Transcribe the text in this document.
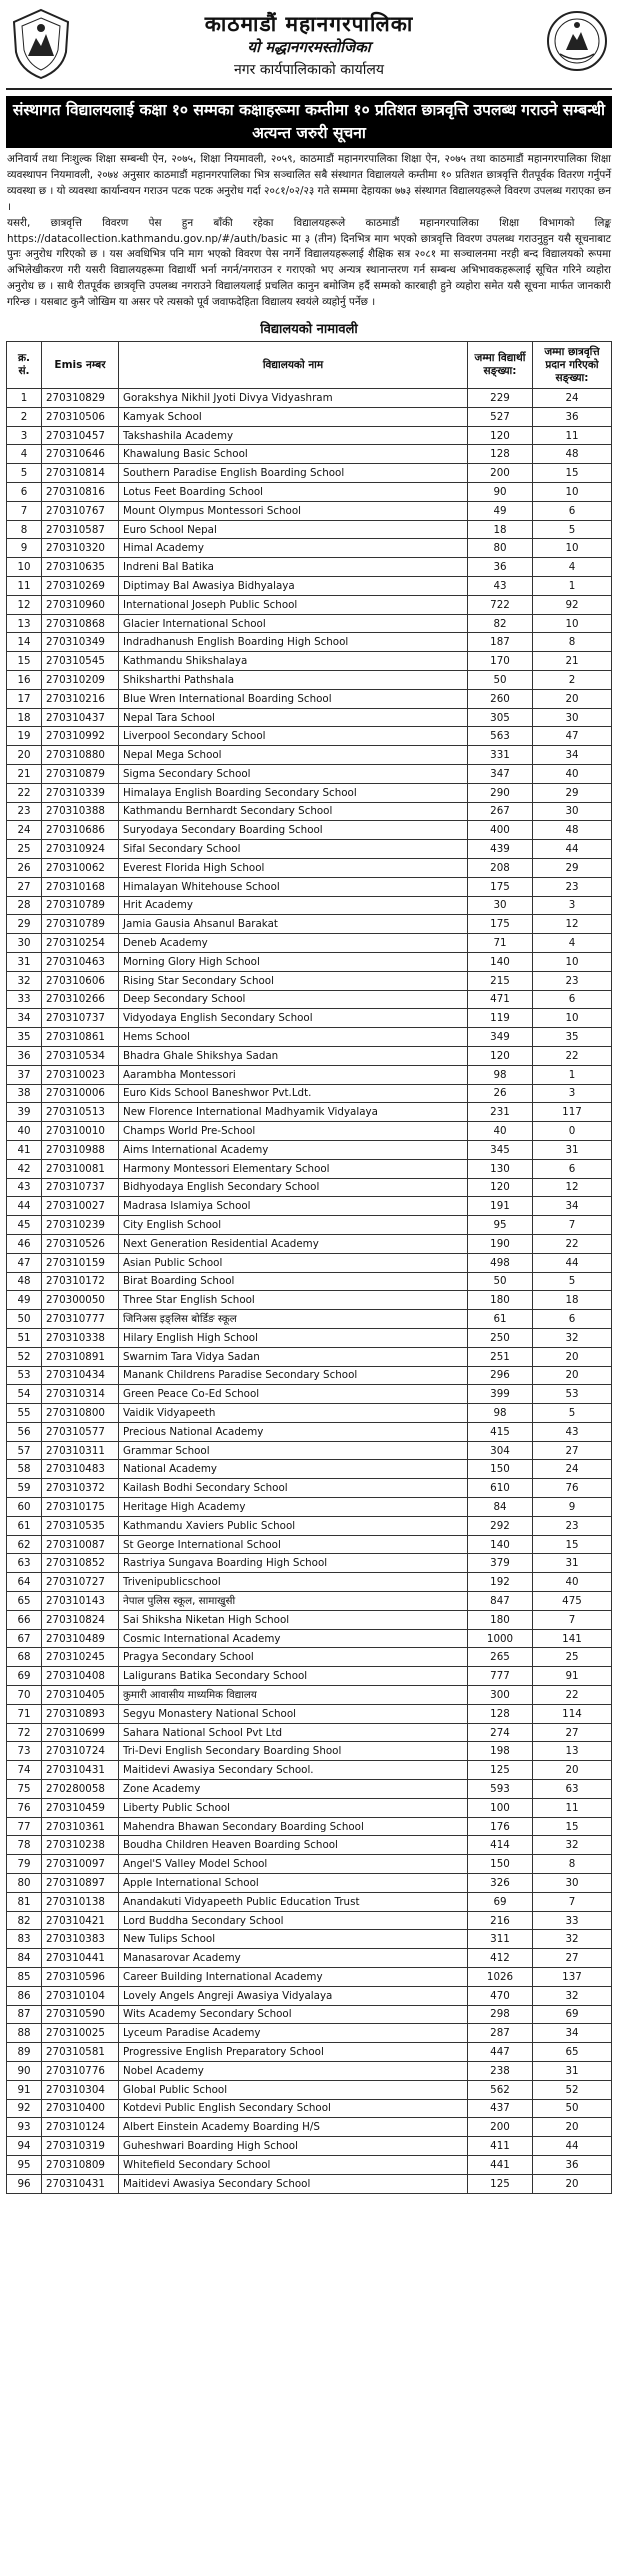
काठमाडौं महानगरपालिका
यो मद्धानगरमस्तोजिका
नगर कार्यपालिकाको कार्यालय
संस्थागत विद्यालयलाई कक्षा १० सम्मका कक्षाहरूमा कम्तीमा १० प्रतिशत छात्रवृत्ति उपलब्ध गराउने सम्बन्धी अत्यन्त जरुरी सूचना

अनिवार्य तथा निःशुल्क शिक्षा सम्बन्धी ऐन, २०७५, शिक्षा नियमावली, २०५९, काठमाडौं महानगरपालिका शिक्षा ऐन, २०७५ तथा काठमाडौं महानगरपालिका शिक्षा व्यवस्थापन नियमावली, २०७४ अनुसार काठमाडौं महानगरपालिका भित्र सञ्चालित सबै संस्थागत विद्यालयले कम्तीमा १० प्रतिशत छात्रवृत्ति रीतपूर्वक वितरण गर्नुपर्ने व्यवस्था छ । यो व्यवस्था कार्यान्वयन गराउन पटक पटक अनुरोध गर्दा २०८१/०२/२३ गते सम्ममा देहायका ७७३ संस्थागत विद्यालयहरूले विवरण उपलब्ध गराएका छन ।

यसरी, छात्रवृत्ति विवरण पेस हुन बाँकी रहेका विद्यालयहरूले काठमाडौं महानगरपालिका शिक्षा विभागको लिङ्क https://datacollection.kathmandu.gov.np/#/auth/basic मा ३ (तीन) दिनभित्र माग भएको छात्रवृत्ति विवरण उपलब्ध गराउनुहुन यसै सूचनाबाट पुनः अनुरोध गरिएको छ । यस अवधिभित्र पनि माग भएको विवरण पेस नगर्ने विद्यालयहरूलाई शैक्षिक सत्र २०८१ मा सञ्चालनमा नरही बन्द विद्यालयको रूपमा अभिलेखीकरण गरी यसरी विद्यालयहरूमा विद्यार्थी भर्ना नगर्न/नगराउन र गराएको भए अन्यत्र स्थानान्तरण गर्न सम्बन्ध अभिभावकहरूलाई सूचित गरिने व्यहोरा अनुरोध छ । साथै रीतपूर्वक छात्रवृत्ति उपलब्ध नगराउने विद्यालयलाई प्रचलित कानुन बमोजिम हर्दै सम्मको कारबाही हुने व्यहोरा समेत यसै सूचना मार्फत जानकारी गरिन्छ । यसबाट कुनै जोखिम या असर परे त्यसको पूर्व जवाफदेहिता विद्यालय स्वयंले व्यहोर्नु पर्नेछ ।

विद्यालयको नामावली
क्र. सं.	Emis नम्बर	विद्यालयको नाम	जम्मा विद्यार्थी सङ्ख्या:	जम्मा छात्रवृत्ति प्रदान गरिएको सङ्ख्या:
1	270310829	Gorakshya Nikhil Jyoti Divya Vidyashram	229	24
2	270310506	Kamyak School	527	36
3	270310457	Takshashila Academy	120	11
4	270310646	Khawalung Basic School	128	48
5	270310814	Southern Paradise English Boarding School	200	15
6	270310816	Lotus Feet Boarding School	90	10
7	270310767	Mount Olympus Montessori School	49	6
8	270310587	Euro School Nepal	18	5
9	270310320	Himal Academy	80	10
10	270310635	Indreni Bal Batika	36	4
11	270310269	Diptimay Bal Awasiya Bidhyalaya	43	1
12	270310960	International Joseph Public School	722	92
13	270310868	Glacier International School	82	10
14	270310349	Indradhanush English Boarding High School	187	8
15	270310545	Kathmandu Shikshalaya	170	21
16	270310209	Shiksharthi Pathshala	50	2
17	270310216	Blue Wren International Boarding School	260	20
18	270310437	Nepal Tara School	305	30
19	270310992	Liverpool Secondary School	563	47
20	270310880	Nepal Mega School	331	34
21	270310879	Sigma Secondary School	347	40
22	270310339	Himalaya English Boarding Secondary School	290	29
23	270310388	Kathmandu Bernhardt Secondary School	267	30
24	270310686	Suryodaya Secondary Boarding School	400	48
25	270310924	Sifal Secondary School	439	44
26	270310062	Everest Florida High School	208	29
27	270310168	Himalayan Whitehouse School	175	23
28	270310789	Hrit Academy	30	3
29	270310789	Jamia Gausia Ahsanul Barakat	175	12
30	270310254	Deneb Academy	71	4
31	270310463	Morning Glory High School	140	10
32	270310606	Rising Star Secondary School	215	23
33	270310266	Deep Secondary School	471	6
34	270310737	Vidyodaya English Secondary School	119	10
35	270310861	Hems School	349	35
36	270310534	Bhadra Ghale Shikshya Sadan	120	22
37	270310023	Aarambha Montessori	98	1
38	270310006	Euro Kids School Baneshwor Pvt.Ldt.	26	3
39	270310513	New Florence International Madhyamik Vidyalaya	231	117
40	270310010	Champs World Pre-School	40	0
41	270310988	Aims International Academy	345	31
42	270310081	Harmony Montessori Elementary School	130	6
43	270310737	Bidhyodaya English Secondary School	120	12
44	270310027	Madrasa Islamiya School	191	34
45	270310239	City English School	95	7
46	270310526	Next Generation Residential Academy	190	22
47	270310159	Asian Public School	498	44
48	270310172	Birat Boarding School	50	5
49	270300050	Three Star English School	180	18
50	270310777	जिनिअस इङ्लिस बोर्डिङ स्कूल	61	6
51	270310338	Hilary English High School	250	32
52	270310891	Swarnim Tara Vidya Sadan	251	20
53	270310434	Manank Childrens Paradise Secondary School	296	20
54	270310314	Green Peace Co-Ed School	399	53
55	270310800	Vaidik Vidyapeeth	98	5
56	270310577	Precious National Academy	415	43
57	270310311	Grammar School	304	27
58	270310483	National Academy	150	24
59	270310372	Kailash Bodhi Secondary School	610	76
60	270310175	Heritage High Academy	84	9
61	270310535	Kathmandu Xaviers Public School	292	23
62	270310087	St George International School	140	15
63	270310852	Rastriya Sungava Boarding High School	379	31
64	270310727	Trivenipublicschool	192	40
65	270310143	नेपाल पुलिस स्कूल, सामाखुसी	847	475
66	270310824	Sai Shiksha Niketan High School	180	7
67	270310489	Cosmic International Academy	1000	141
68	270310245	Pragya Secondary School	265	25
69	270310408	Laligurans Batika Secondary School	777	91
70	270310405	कुमारी आवासीय माध्यमिक विद्यालय	300	22
71	270310893	Segyu Monastery National School	128	114
72	270310699	Sahara National School Pvt Ltd	274	27
73	270310724	Tri-Devi English Secondary Boarding Shool	198	13
74	270310431	Maitidevi Awasiya Secondary School.	125	20
75	270280058	Zone Academy	593	63
76	270310459	Liberty Public School	100	11
77	270310361	Mahendra Bhawan Secondary Boarding School	176	15
78	270310238	Boudha Children Heaven Boarding School	414	32
79	270310097	Angel'S Valley Model School	150	8
80	270310897	Apple International School	326	30
81	270310138	Anandakuti Vidyapeeth Public Education Trust	69	7
82	270310421	Lord Buddha Secondary School	216	33
83	270310383	New Tulips School	311	32
84	270310441	Manasarovar Academy	412	27
85	270310596	Career Building International Academy	1026	137
86	270310104	Lovely Angels Angreji Awasiya Vidyalaya	470	32
87	270310590	Wits Academy Secondary School	298	69
88	270310025	Lyceum Paradise Academy	287	34
89	270310581	Progressive English Preparatory School	447	65
90	270310776	Nobel Academy	238	31
91	270310304	Global Public School	562	52
92	270310400	Kotdevi Public English Secondary School	437	50
93	270310124	Albert Einstein Academy Boarding H/S	200	20
94	270310319	Guheshwari Boarding High School	411	44
95	270310809	Whitefield Secondary School	441	36
96	270310431	Maitidevi Awasiya Secondary School	125	20
